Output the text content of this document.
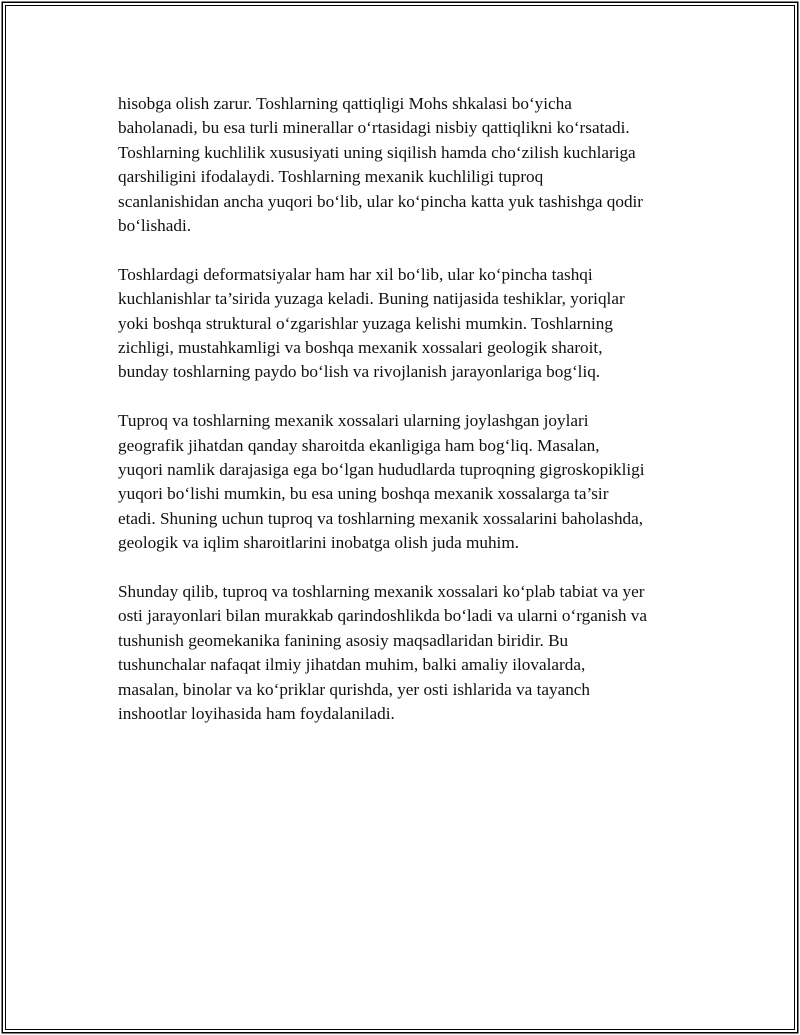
hisobga olish zarur. Toshlarning qattiqligi Mohs shkalasi bo‘yicha
baholanadi, bu esa turli minerallar o‘rtasidagi nisbiy qattiqlikni ko‘rsatadi.
Toshlarning kuchlilik xususiyati uning siqilish hamda cho‘zilish kuchlariga
qarshiligini ifodalaydi. Toshlarning mexanik kuchliligi tuproq
scanlanishidan ancha yuqori bo‘lib, ular ko‘pincha katta yuk tashishga qodir
bo‘lishadi.

Toshlardagi deformatsiyalar ham har xil bo‘lib, ular ko‘pincha tashqi
kuchlanishlar ta’sirida yuzaga keladi. Buning natijasida teshiklar, yoriqlar
yoki boshqa struktural o‘zgarishlar yuzaga kelishi mumkin. Toshlarning
zichligi, mustahkamligi va boshqa mexanik xossalari geologik sharoit,
bunday toshlarning paydo bo‘lish va rivojlanish jarayonlariga bog‘liq.

Tuproq va toshlarning mexanik xossalari ularning joylashgan joylari
geografik jihatdan qanday sharoitda ekanligiga ham bog‘liq. Masalan,
yuqori namlik darajasiga ega bo‘lgan hududlarda tuproqning gigroskopikligi
yuqori bo‘lishi mumkin, bu esa uning boshqa mexanik xossalarga ta’sir
etadi. Shuning uchun tuproq va toshlarning mexanik xossalarini baholashda,
geologik va iqlim sharoitlarini inobatga olish juda muhim.

Shunday qilib, tuproq va toshlarning mexanik xossalari ko‘plab tabiat va yer
osti jarayonlari bilan murakkab qarindoshlikda bo‘ladi va ularni o‘rganish va
tushunish geomekanika fanining asosiy maqsadlaridan biridir. Bu
tushunchalar nafaqat ilmiy jihatdan muhim, balki amaliy ilovalarda,
masalan, binolar va ko‘priklar qurishda, yer osti ishlarida va tayanch
inshootlar loyihasida ham foydalaniladi.
